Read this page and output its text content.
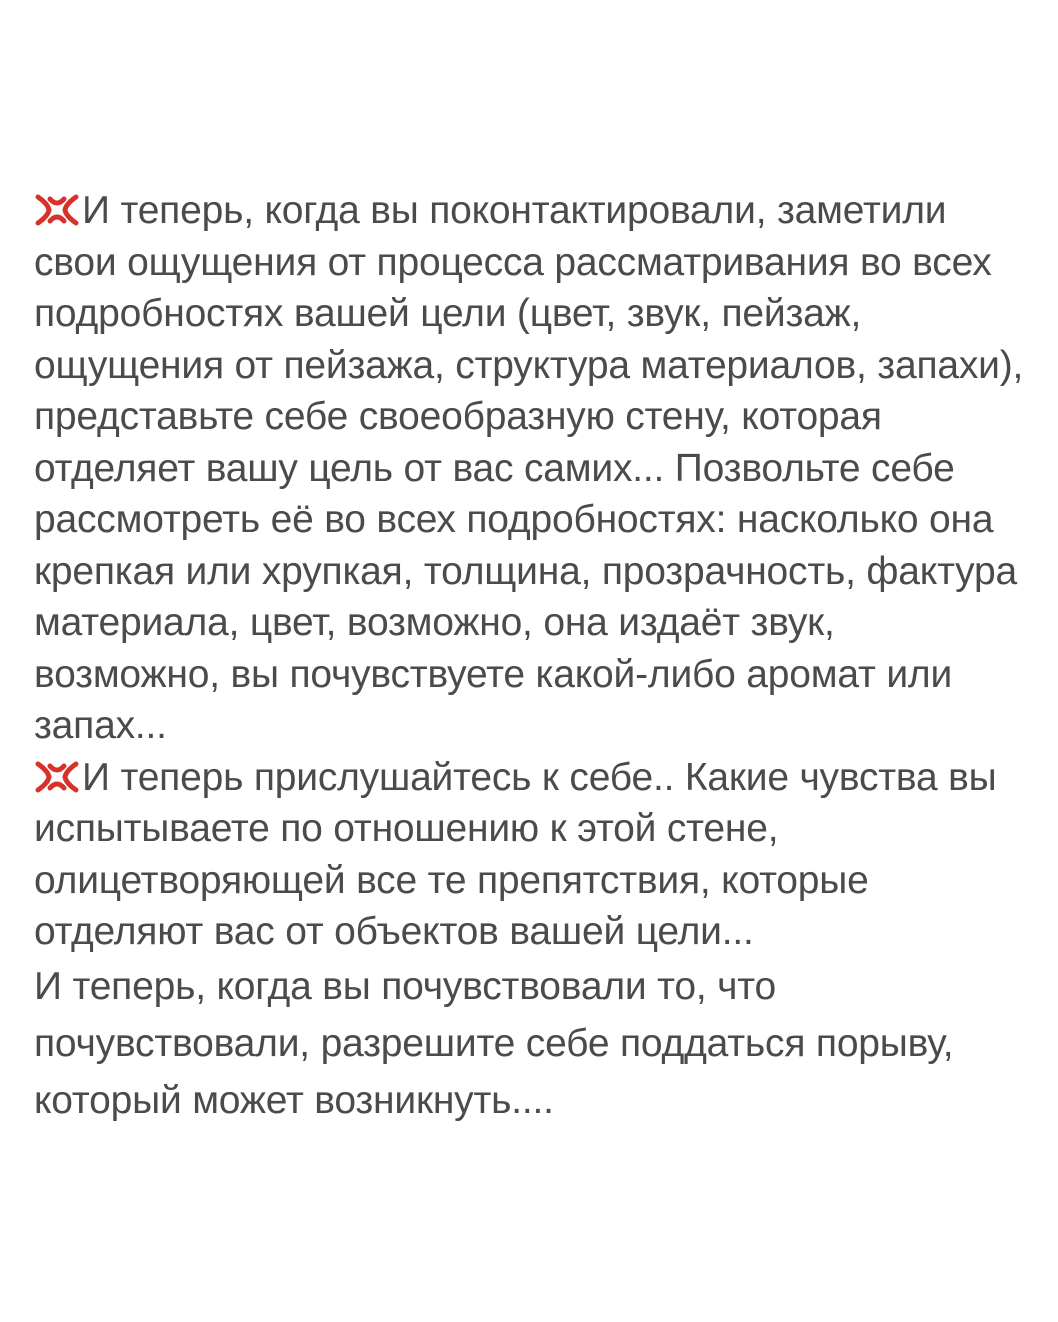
И теперь, когда вы поконтактировали, заметили
свои ощущения от процесса рассматривания во всех
подробностях вашей цели (цвет, звук, пейзаж,
ощущения от пейзажа, структура материалов, запахи),
представьте себе своеобразную стену, которая
отделяет вашу цель от вас самих... Позвольте себе
рассмотреть её во всех подробностях: насколько она
крепкая или хрупкая, толщина, прозрачность, фактура
материала, цвет, возможно, она издаёт звук,
возможно, вы почувствуете какой-либо аромат или
запах...
И теперь прислушайтесь к себе.. Какие чувства вы
испытываете по отношению к этой стене,
олицетворяющей все те препятствия, которые
отделяют вас от объектов вашей цели...
И теперь, когда вы почувствовали то, что
почувствовали, разрешите себе поддаться порыву,
который может возникнуть....
